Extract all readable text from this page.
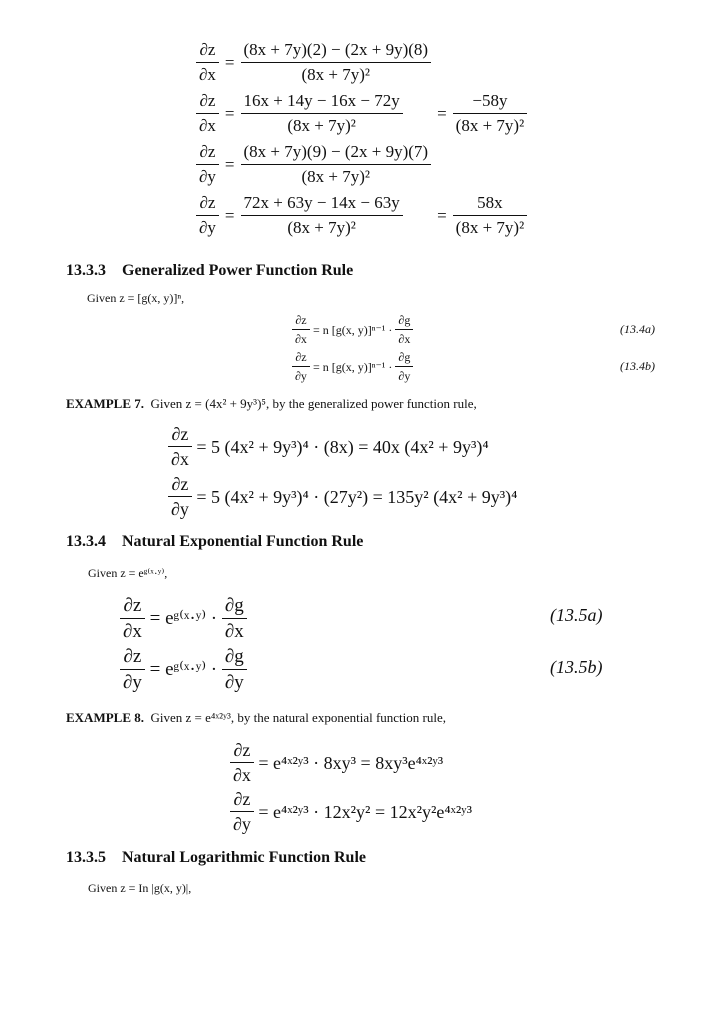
$\frac{\partial z}{\partial x}$ =	$\frac{(8x + 7y)(2) - (2x + 9y)(8)}{\text{(8x + 7y)²}}$

$\frac{\partial z}{\partial x}$ =	$\frac{16x + 14y - 16x - 72y}{\text{(8x + 7y)²}}$	= $\frac{-58y}{\text{(8x + 7y)²}}$

$\frac{\partial z}{\partial y}$ =	$\frac{(8x + 7y)(9) - (2x + 9y)(7)}{\text{(8x + 7y)²}}$

$\frac{\partial z}{\partial y}$ =	$\frac{72x + 63y - 14x - 63y}{\text{(8x + 7y)²}}$	= $\frac{58x}{\text{(8x + 7y)²}}$
13.3.3 Generalized Power Function Rule
Given z = [g(x, y)]ⁿ,
$\frac{\partial z}{\partial x} = n$ [g(x, $y)]^{n-1} \cdot \frac{\partial g}{\partial x}$	(13.4a)
$\frac{\partial z}{\partial y} = n$ [g(x, $y)]^{n-1} \cdot \frac{\partial g}{\partial y}$	(13.4b)
EXAMPLE 7. Given z = (4x² + 9y³)⁵, by the generalized power function rule,
$\frac{\partial z}{\partial x} = 5$ (4x² + 9y³)⁴ · (8x) = 40x (4x² + 9y³)⁴
$\frac{\partial z}{\partial y} = 5$ (4x² + 9y³)⁴ · (27y²) = 135y² (4x² + 9y³)⁴
13.3.4 Natural Exponential Function Rule
Given z = eᵍ⁽ˣ·ʸ⁾,
$\frac{\partial z}{\partial x}$ = eᵍ⁽ˣ·ʸ⁾ · $\frac{\partial g}{\partial x}$	(13.5a)
$\frac{\partial z}{\partial y}$ = eᵍ⁽ˣ·ʸ⁾ · $\frac{\partial g}{\partial y}$	(13.5b)
EXAMPLE 8. Given z = e⁴ˣ²ʸ³, by the natural exponential function rule,
$\frac{\partial z}{\partial x}$ = e⁴ˣ²ʸ³ · 8xy³ = 8xy³e⁴ˣ²ʸ³
$\frac{\partial z}{\partial y}$ = e⁴ˣ²ʸ³ · 12x²y² = 12x²y²e⁴ˣ²ʸ³
13.3.5 Natural Logarithmic Function Rule
Given z = In |g(x, y)|,
